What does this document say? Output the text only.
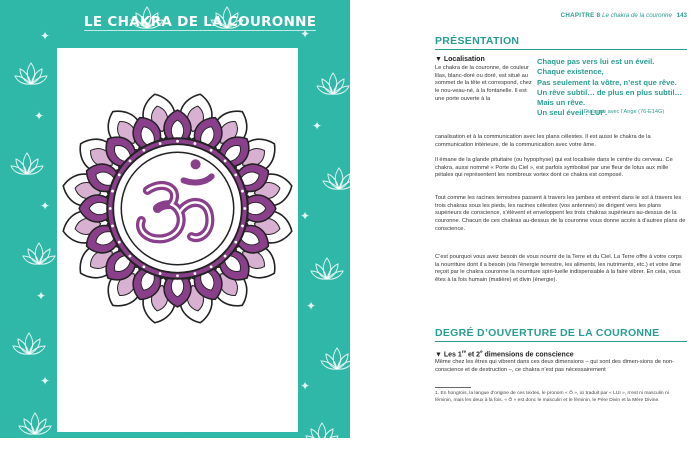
✦	✦
✦
✦
✦
✦
✦
✦
✦	✦
✦
LE CHAKRA DE LA COURONNE	CHAPITRE 8 Le chakra de la couronne 143
PRÉSENTATION
▼ Localisation	Chaque pas vers lui est un éveil.
Chaque existence,
Pas seulement la vôtre, n’est que rêve.
Un rêve subtil… de plus en plus subtil…
Mais un rêve.
Un seul éveil : LUI¹.
Dialogue avec l’Ange (76-E14G)

Le chakra de la couronne, de couleur lilas, blanc-doré ou doré, est situé au sommet de la tête et correspond, chez le nou-veau-né, à la fontanelle. Il est une porte ouverte à la

canalisation et à la communication avec les plans célestes. Il est aussi le chakra de la communication intérieure, de la communication avec votre âme.

Il émane de la glande pituitaire (ou hypophyse) qui est localisée dans le centre du cerveau. Ce chakra, aussi nommé « Porte du Ciel », est parfois symbolisé par une fleur de lotus aux mille pétales qui représentent les nombreux vortex dont ce chakra est composé.

Tout comme les racines terrestres passent à travers les jambes et entrent dans le sol à travers les trois chakras sous les pieds, les racines célestes (vos antennes) se dirigent vers les plans supérieurs de conscience, s’élèvent et enveloppent les trois chakras supérieurs au-dessus de la couronne. Chacun de ces chakras au-dessus de la couronne vous donne accès à d’autres plans de conscience.

C’est pourquoi vous avez besoin de vous nourrir de la Terre et du Ciel. La Terre offre à votre corps la nourriture dont il a besoin (via l’énergie terrestre, les aliments, les nutriments, etc.) et votre âme reçoit par le chakra couronne la nourriture spiri-tuelle indispensable à la faire vibrer. En cela, vous êtes à la fois humain (matière) et divin (énergie).

DEGRÉ D’OUVERTURE DE LA COURONNE
▼ Les 1re et 2e dimensions de conscience

Même chez les êtres qui vibrent dans ces deux dimensions – qui sont des dimen-sions de non-conscience et de destruction –, ce chakra n’est pas nécessairement

1. En hongrois, la langue d’origine de ces textes, le pronom « Ő », ici traduit par « LUI », n’est ni masculin ni féminin, mais les deux à la fois. « Ő » est donc le masculin et le féminin, le Père Divin et la Mère Divine.
